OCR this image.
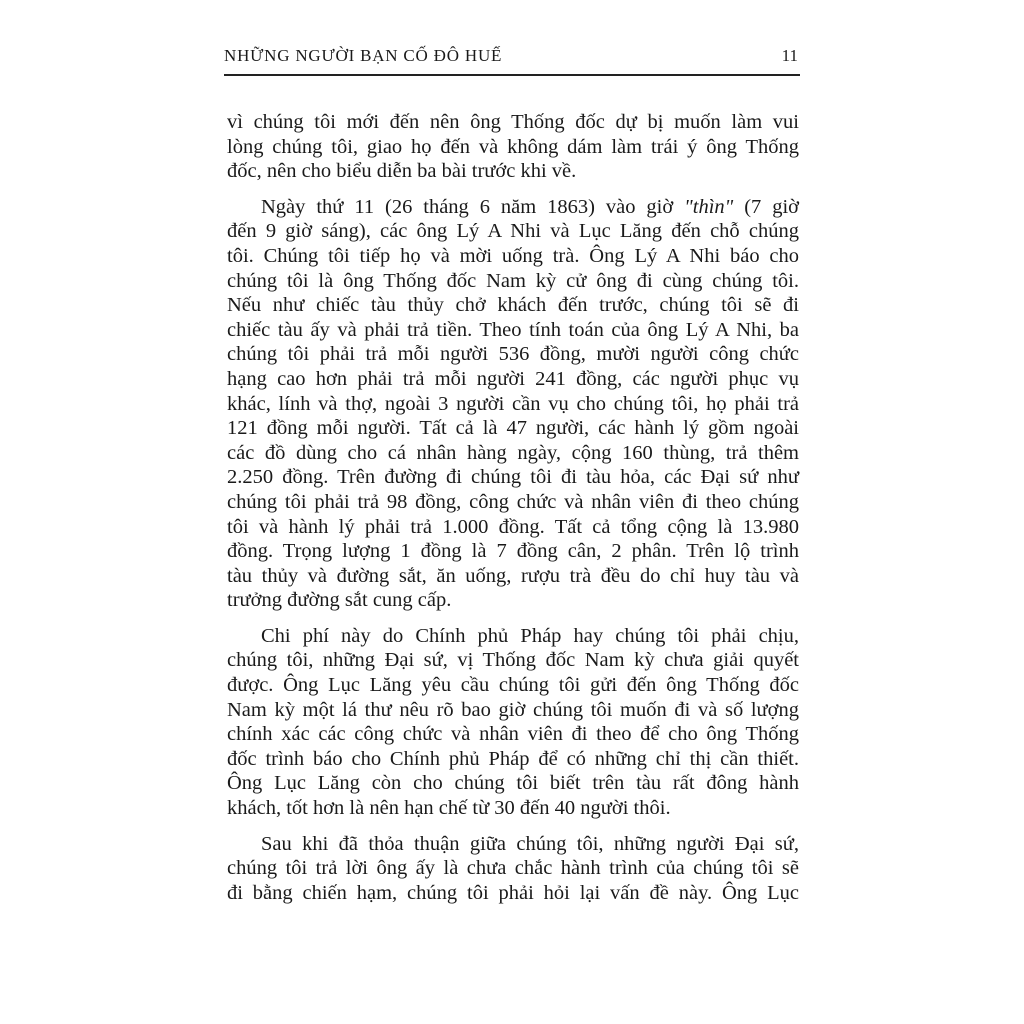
NHỮNG NGƯỜI BẠN CỐ ĐÔ HUẾ	11

vì chúng tôi mới đến nên ông Thống đốc dự bị muốn làm vui
lòng chúng tôi, giao họ đến và không dám làm trái ý ông Thống
đốc, nên cho biểu diễn ba bài trước khi về.

Ngày thứ 11 (26 tháng 6 năm 1863) vào giờ "thìn" (7 giờ
đến 9 giờ sáng), các ông Lý A Nhi và Lục Lăng đến chỗ chúng
tôi. Chúng tôi tiếp họ và mời uống trà. Ông Lý A Nhi báo cho
chúng tôi là ông Thống đốc Nam kỳ cử ông đi cùng chúng tôi.
Nếu như chiếc tàu thủy chở khách đến trước, chúng tôi sẽ đi
chiếc tàu ấy và phải trả tiền. Theo tính toán của ông Lý A Nhi, ba
chúng tôi phải trả mỗi người 536 đồng, mười người công chức
hạng cao hơn phải trả mỗi người 241 đồng, các người phục vụ
khác, lính và thợ, ngoài 3 người cần vụ cho chúng tôi, họ phải trả
121 đồng mỗi người. Tất cả là 47 người, các hành lý gồm ngoài
các đồ dùng cho cá nhân hàng ngày, cộng 160 thùng, trả thêm
2.250 đồng. Trên đường đi chúng tôi đi tàu hỏa, các Đại sứ như
chúng tôi phải trả 98 đồng, công chức và nhân viên đi theo chúng
tôi và hành lý phải trả 1.000 đồng. Tất cả tổng cộng là 13.980
đồng. Trọng lượng 1 đồng là 7 đồng cân, 2 phân. Trên lộ trình
tàu thủy và đường sắt, ăn uống, rượu trà đều do chỉ huy tàu và
trưởng đường sắt cung cấp.

Chi phí này do Chính phủ Pháp hay chúng tôi phải chịu,
chúng tôi, những Đại sứ, vị Thống đốc Nam kỳ chưa giải quyết
được. Ông Lục Lăng yêu cầu chúng tôi gửi đến ông Thống đốc
Nam kỳ một lá thư nêu rõ bao giờ chúng tôi muốn đi và số lượng
chính xác các công chức và nhân viên đi theo để cho ông Thống
đốc trình báo cho Chính phủ Pháp để có những chỉ thị cần thiết.
Ông Lục Lăng còn cho chúng tôi biết trên tàu rất đông hành
khách, tốt hơn là nên hạn chế từ 30 đến 40 người thôi.

Sau khi đã thỏa thuận giữa chúng tôi, những người Đại sứ,
chúng tôi trả lời ông ấy là chưa chắc hành trình của chúng tôi sẽ
đi bằng chiến hạm, chúng tôi phải hỏi lại vấn đề này. Ông Lục
